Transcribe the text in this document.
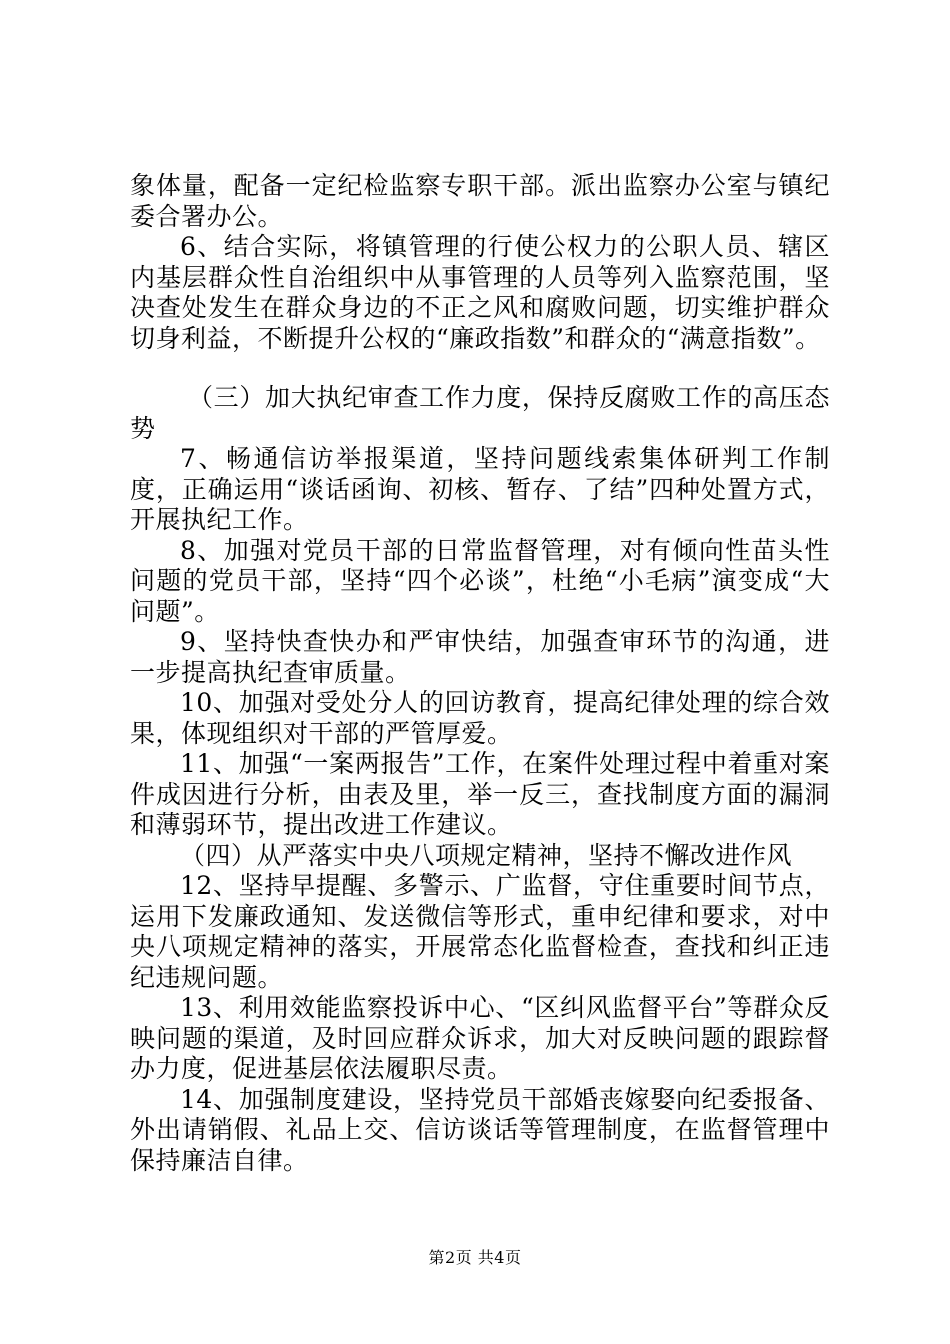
象体量，配备一定纪检监察专职干部。派出监察办公室与镇纪委合署办公。

6、结合实际，将镇管理的行使公权力的公职人员、辖区内基层群众性自治组织中从事管理的人员等列入监察范围，坚决查处发生在群众身边的不正之风和腐败问题，切实维护群众切身利益，不断提升公权的“廉政指数”和群众的“满意指数”。

（三）加大执纪审查工作力度，保持反腐败工作的高压态势

7、畅通信访举报渠道，坚持问题线索集体研判工作制度，正确运用“谈话函询、初核、暂存、了结”四种处置方式，开展执纪工作。

8、加强对党员干部的日常监督管理，对有倾向性苗头性问题的党员干部，坚持“四个必谈”，杜绝“小毛病”演变成“大问题”。

9、坚持快查快办和严审快结，加强查审环节的沟通，进一步提高执纪查审质量。

10、加强对受处分人的回访教育，提高纪律处理的综合效果，体现组织对干部的严管厚爱。

11、加强“一案两报告”工作，在案件处理过程中着重对案件成因进行分析，由表及里，举一反三，查找制度方面的漏洞和薄弱环节，提出改进工作建议。

（四）从严落实中央八项规定精神，坚持不懈改进作风

12、坚持早提醒、多警示、广监督，守住重要时间节点，运用下发廉政通知、发送微信等形式，重申纪律和要求，对中央八项规定精神的落实，开展常态化监督检查，查找和纠正违纪违规问题。

13、利用效能监察投诉中心、“区纠风监督平台”等群众反映问题的渠道，及时回应群众诉求，加大对反映问题的跟踪督办力度，促进基层依法履职尽责。

14、加强制度建设，坚持党员干部婚丧嫁娶向纪委报备、外出请销假、礼品上交、信访谈话等管理制度，在监督管理中保持廉洁自律。

第2页 共4页
